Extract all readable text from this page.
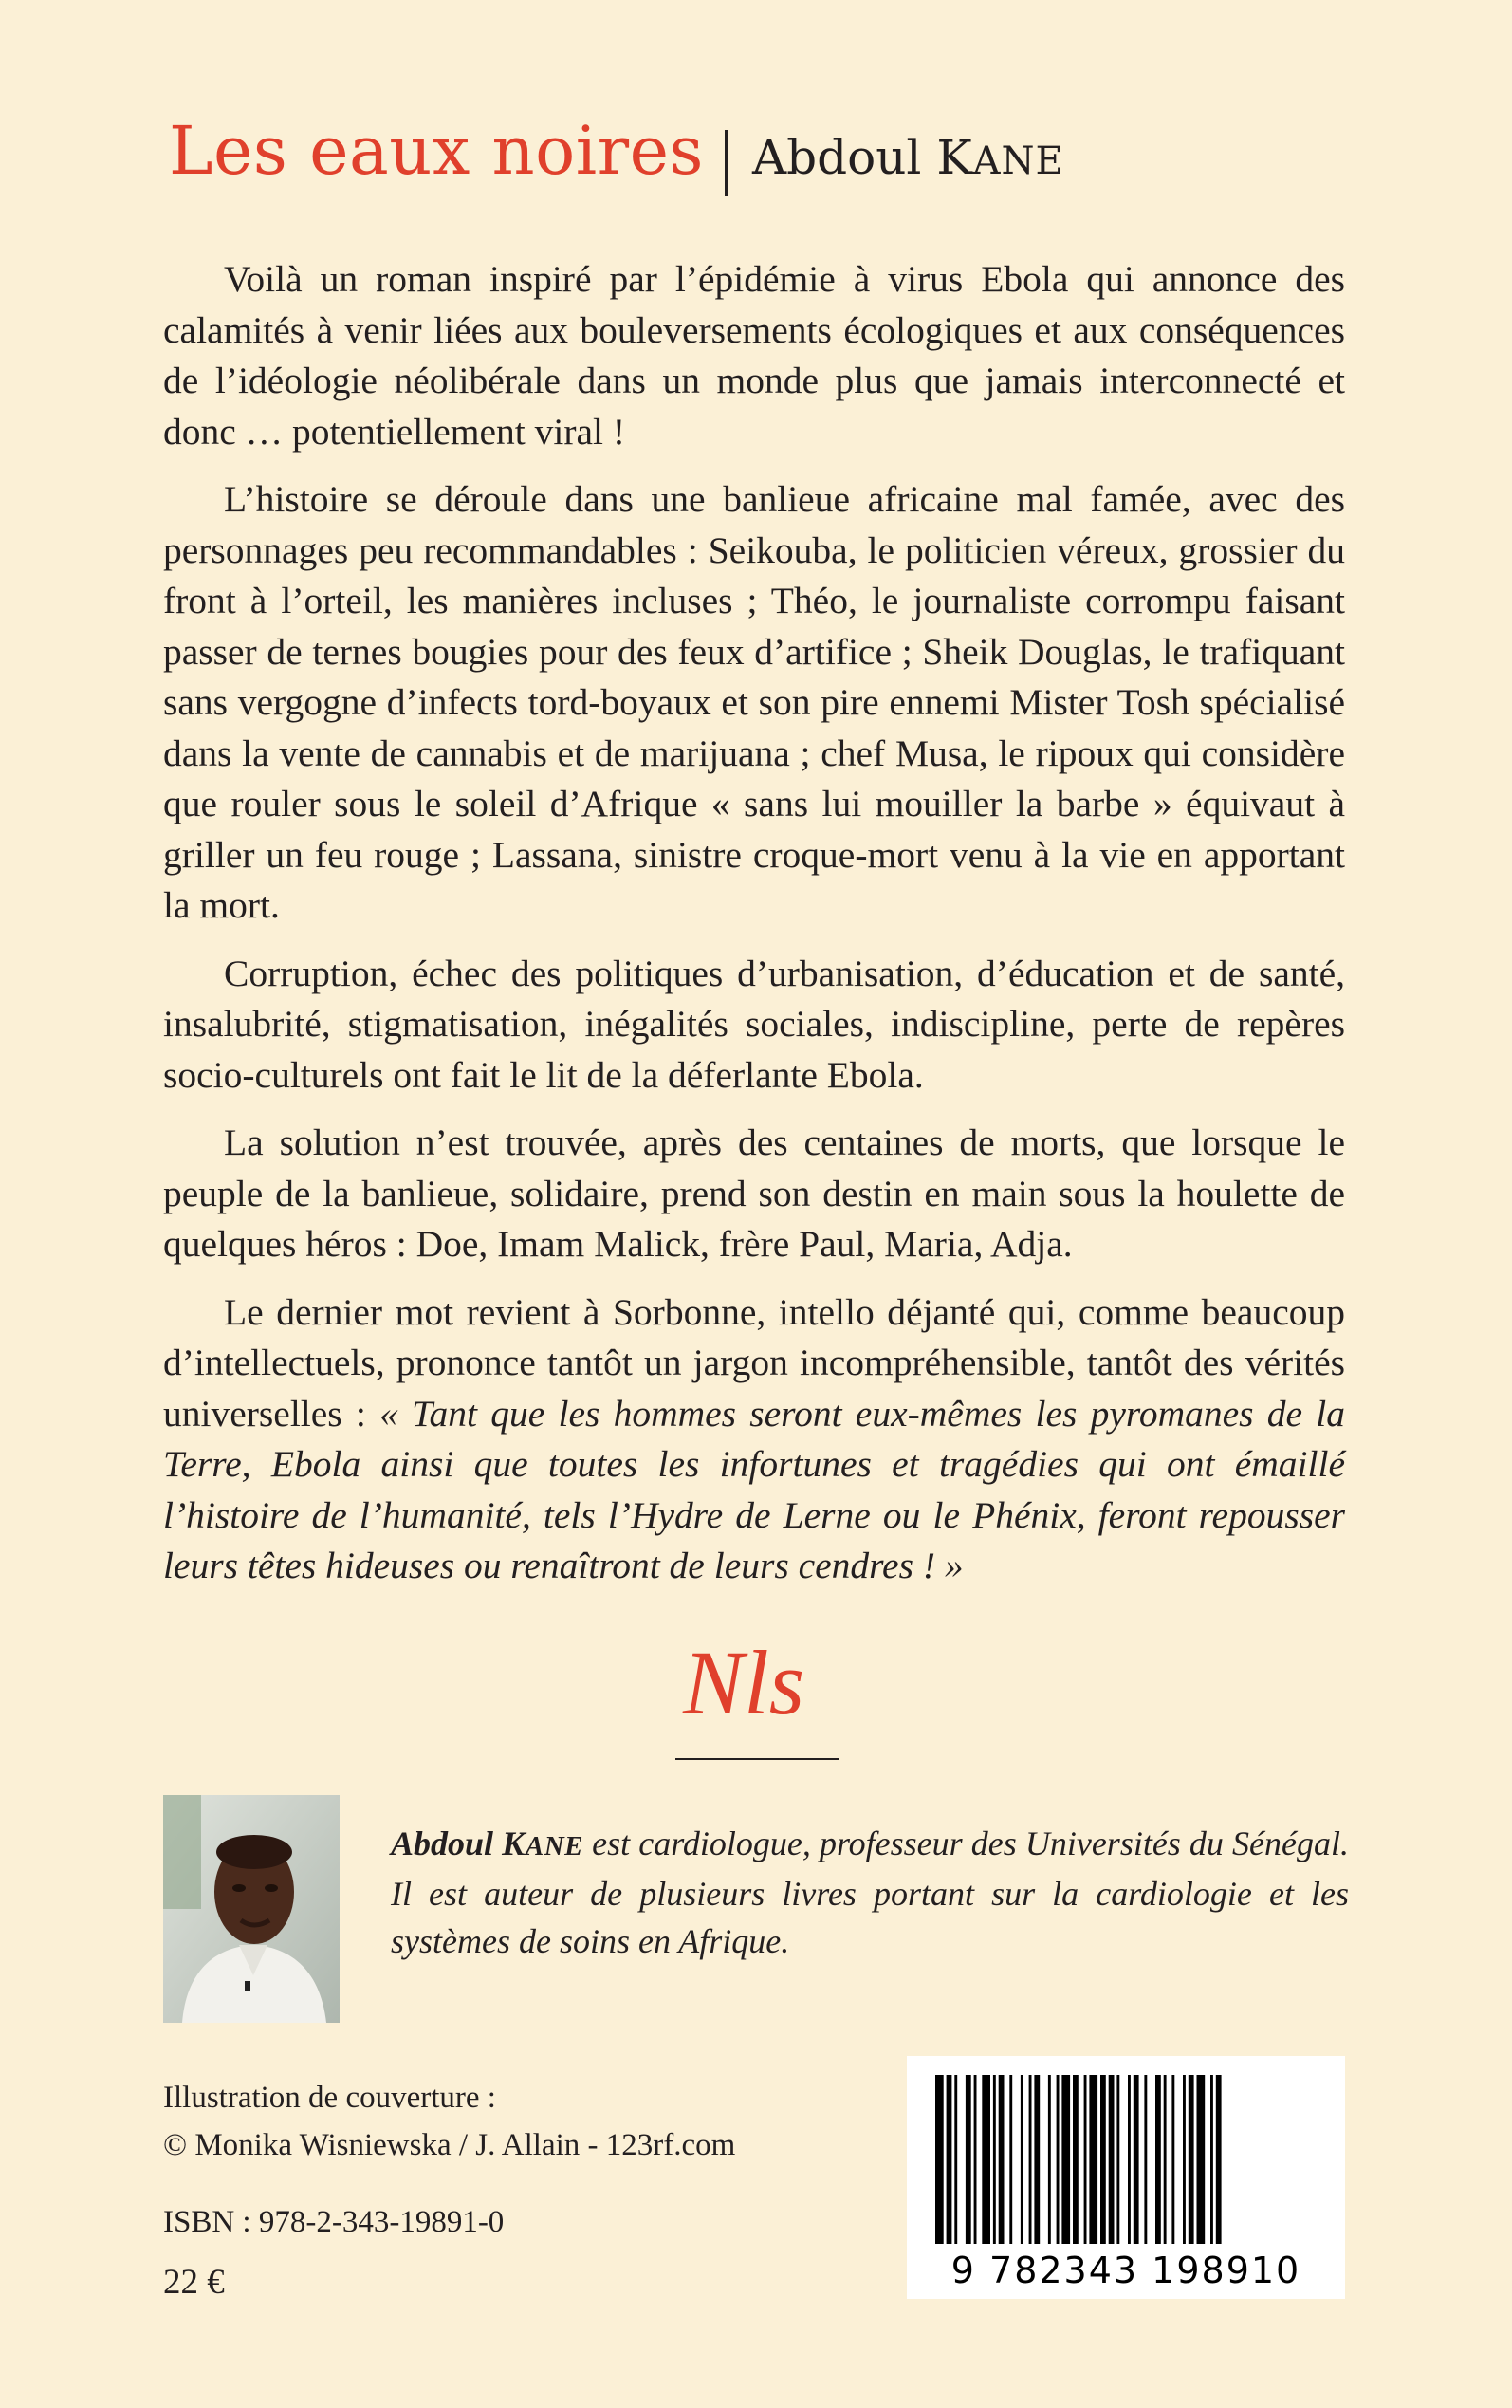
Les eaux noires Abdoul KANE

Voilà un roman inspiré par l’épidémie à virus Ebola qui annonce des calamités à venir liées aux bouleversements écologiques et aux conséquences de l’idéologie néolibérale dans un monde plus que jamais interconnecté et donc … potentiellement viral !

L’histoire se déroule dans une banlieue africaine mal famée, avec des personnages peu recommandables : Seikouba, le politicien véreux, grossier du front à l’orteil, les manières incluses ; Théo, le journaliste corrompu faisant passer de ternes bougies pour des feux d’artifice ; Sheik Douglas, le trafiquant sans vergogne d’infects tord-boyaux et son pire ennemi Mister Tosh spécialisé dans la vente de cannabis et de marijuana ; chef Musa, le ripoux qui considère que rouler sous le soleil d’Afrique « sans lui mouiller la barbe » équivaut à griller un feu rouge ; Lassana, sinistre croque-mort venu à la vie en apportant la mort.

Corruption, échec des politiques d’urbanisation, d’éducation et de santé, insalubrité, stigmatisation, inégalités sociales, indiscipline, perte de repères socio-culturels ont fait le lit de la déferlante Ebola.

La solution n’est trouvée, après des centaines de morts, que lorsque le peuple de la banlieue, solidaire, prend son destin en main sous la houlette de quelques héros : Doe, Imam Malick, frère Paul, Maria, Adja.

Le dernier mot revient à Sorbonne, intello déjanté qui, comme beaucoup d’intellectuels, prononce tantôt un jargon incompréhensible, tantôt des vérités universelles : « Tant que les hommes seront eux-mêmes les pyromanes de la Terre, Ebola ainsi que toutes les infortunes et tragédies qui ont émaillé l’histoire de l’humanité, tels l’Hydre de Lerne ou le Phénix, feront repousser leurs têtes hideuses ou renaîtront de leurs cendres ! »

Nls
Abdoul KANE est cardiologue, professeur des Universités du Sénégal. Il est auteur de plusieurs livres portant sur la cardiologie et les systèmes de soins en Afrique.
Illustration de couverture :
© Monika Wisniewska / J. Allain - 123rf.com
ISBN : 978-2-343-19891-0
22 €	9 782343 198910
